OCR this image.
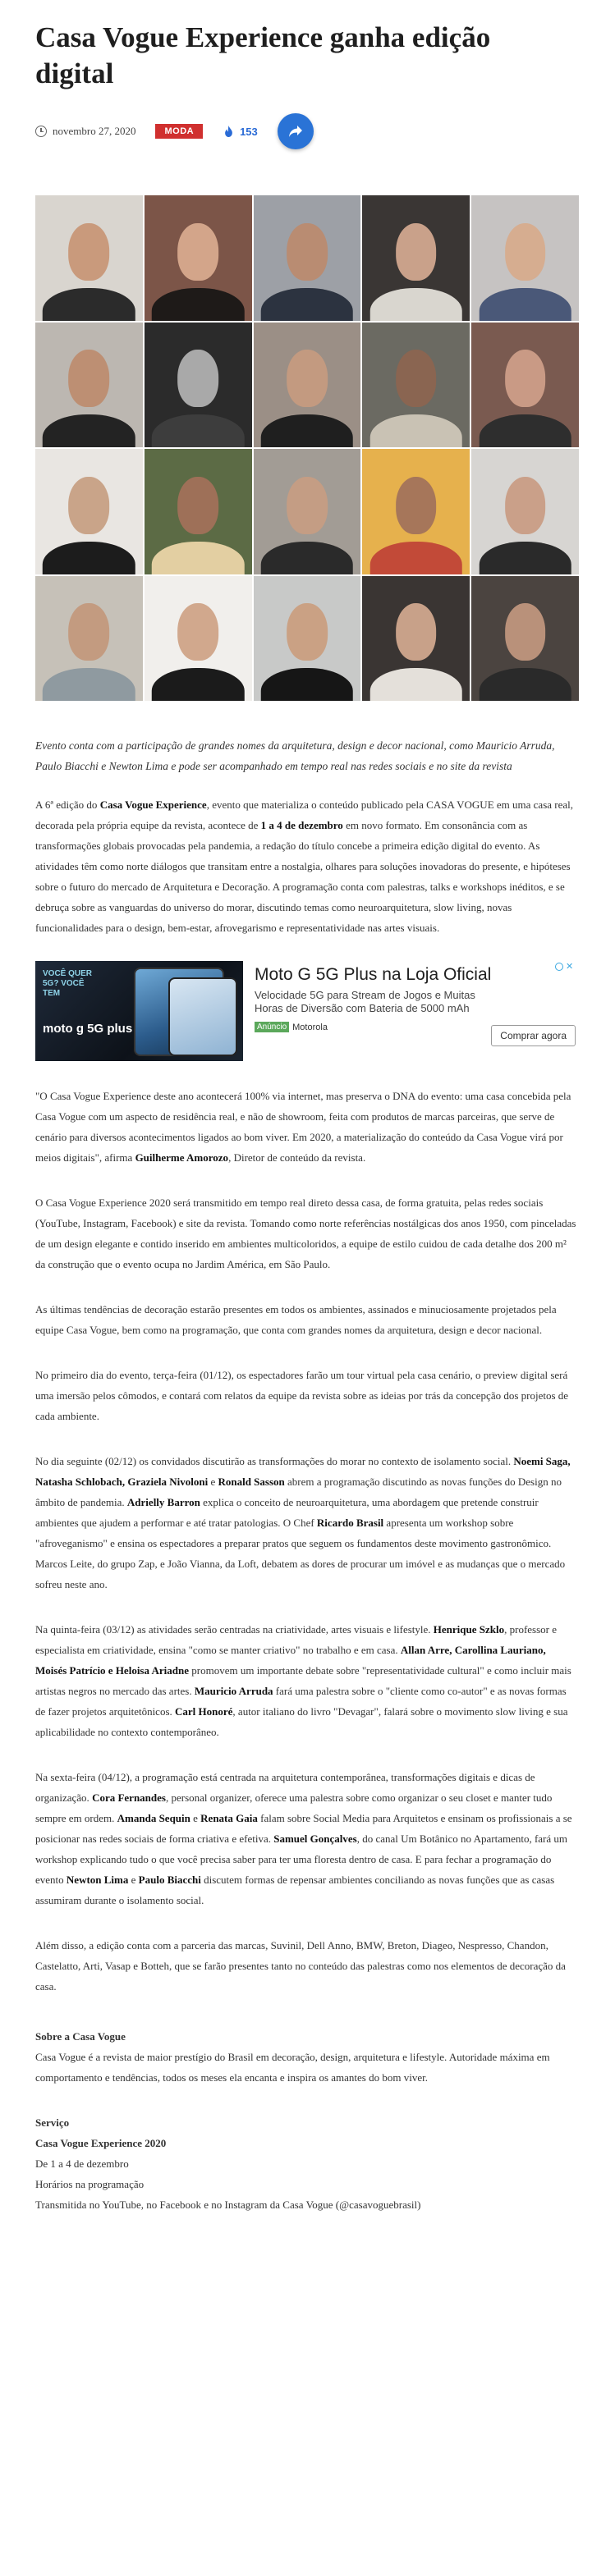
Casa Vogue Experience ganha edição digital
novembro 27, 2020	MODA	153

Evento conta com a participação de grandes nomes da arquitetura, design e decor nacional, como Mauricio Arruda, Paulo Biacchi e Newton Lima e pode ser acompanhado em tempo real nas redes sociais e no site da revista

A 6ª edição do Casa Vogue Experience, evento que materializa o conteúdo publicado pela CASA VOGUE em uma casa real, decorada pela própria equipe da revista, acontece de 1 a 4 de dezembro em novo formato. Em consonância com as transformações globais provocadas pela pandemia, a redação do título concebe a primeira edição digital do evento. As atividades têm como norte diálogos que transitam entre a nostalgia, olhares para soluções inovadoras do presente, e hipóteses sobre o futuro do mercado de Arquitetura e Decoração. A programação conta com palestras, talks e workshops inéditos, e se debruça sobre as vanguardas do universo do morar, discutindo temas como neuroarquitetura, slow living, novas funcionalidades para o design, bem-estar, afrovegarismo e representatividade nas artes visuais.

VOCÊ QUER 5G? VOCÊ TEM
moto g 5G plus
✕
Moto G 5G Plus na Loja Oficial
Velocidade 5G para Stream de Jogos e Muitas Horas de Diversão com Bateria de 5000 mAh
Anúncio Motorola
Comprar agora

"O Casa Vogue Experience deste ano acontecerá 100% via internet, mas preserva o DNA do evento: uma casa concebida pela Casa Vogue com um aspecto de residência real, e não de showroom, feita com produtos de marcas parceiras, que serve de cenário para diversos acontecimentos ligados ao bom viver. Em 2020, a materialização do conteúdo da Casa Vogue virá por meios digitais", afirma Guilherme Amorozo, Diretor de conteúdo da revista.

O Casa Vogue Experience 2020 será transmitido em tempo real direto dessa casa, de forma gratuita, pelas redes sociais (YouTube, Instagram, Facebook) e site da revista. Tomando como norte referências nostálgicas dos anos 1950, com pinceladas de um design elegante e contido inserido em ambientes multicoloridos, a equipe de estilo cuidou de cada detalhe dos 200 m² da construção que o evento ocupa no Jardim América, em São Paulo.

As últimas tendências de decoração estarão presentes em todos os ambientes, assinados e minuciosamente projetados pela equipe Casa Vogue, bem como na programação, que conta com grandes nomes da arquitetura, design e decor nacional.

No primeiro dia do evento, terça-feira (01/12), os espectadores farão um tour virtual pela casa cenário, o preview digital será uma imersão pelos cômodos, e contará com relatos da equipe da revista sobre as ideias por trás da concepção dos projetos de cada ambiente.

No dia seguinte (02/12) os convidados discutirão as transformações do morar no contexto de isolamento social. Noemi Saga, Natasha Schlobach, Graziela Nivoloni e Ronald Sasson abrem a programação discutindo as novas funções do Design no âmbito de pandemia. Adrielly Barron explica o conceito de neuroarquitetura, uma abordagem que pretende construir ambientes que ajudem a performar e até tratar patologias. O Chef Ricardo Brasil apresenta um workshop sobre "afroveganismo" e ensina os espectadores a preparar pratos que seguem os fundamentos deste movimento gastronômico. Marcos Leite, do grupo Zap, e João Vianna, da Loft, debatem as dores de procurar um imóvel e as mudanças que o mercado sofreu neste ano.

Na quinta-feira (03/12) as atividades serão centradas na criatividade, artes visuais e lifestyle. Henrique Szklo, professor e especialista em criatividade, ensina "como se manter criativo" no trabalho e em casa. Allan Arre, Carollina Lauriano, Moisés Patrício e Heloisa Ariadne promovem um importante debate sobre "representatividade cultural" e como incluir mais artistas negros no mercado das artes. Mauricio Arruda fará uma palestra sobre o "cliente como co-autor" e as novas formas de fazer projetos arquitetônicos. Carl Honoré, autor italiano do livro "Devagar", falará sobre o movimento slow living e sua aplicabilidade no contexto contemporâneo.

Na sexta-feira (04/12), a programação está centrada na arquitetura contemporânea, transformações digitais e dicas de organização. Cora Fernandes, personal organizer, oferece uma palestra sobre como organizar o seu closet e manter tudo sempre em ordem. Amanda Sequin e Renata Gaia falam sobre Social Media para Arquitetos e ensinam os profissionais a se posicionar nas redes sociais de forma criativa e efetiva. Samuel Gonçalves, do canal Um Botânico no Apartamento, fará um workshop explicando tudo o que você precisa saber para ter uma floresta dentro de casa. E para fechar a programação do evento Newton Lima e Paulo Biacchi discutem formas de repensar ambientes conciliando as novas funções que as casas assumiram durante o isolamento social.

Além disso, a edição conta com a parceria das marcas, Suvinil, Dell Anno, BMW, Breton, Diageo, Nespresso, Chandon, Castelatto, Arti, Vasap e Botteh, que se farão presentes tanto no conteúdo das palestras como nos elementos de decoração da casa.

Sobre a Casa Vogue

Casa Vogue é a revista de maior prestígio do Brasil em decoração, design, arquitetura e lifestyle. Autoridade máxima em comportamento e tendências, todos os meses ela encanta e inspira os amantes do bom viver.

Serviço

Casa Vogue Experience 2020

De 1 a 4 de dezembro

Horários na programação

Transmitida no YouTube, no Facebook e no Instagram da Casa Vogue (@casavoguebrasil)
